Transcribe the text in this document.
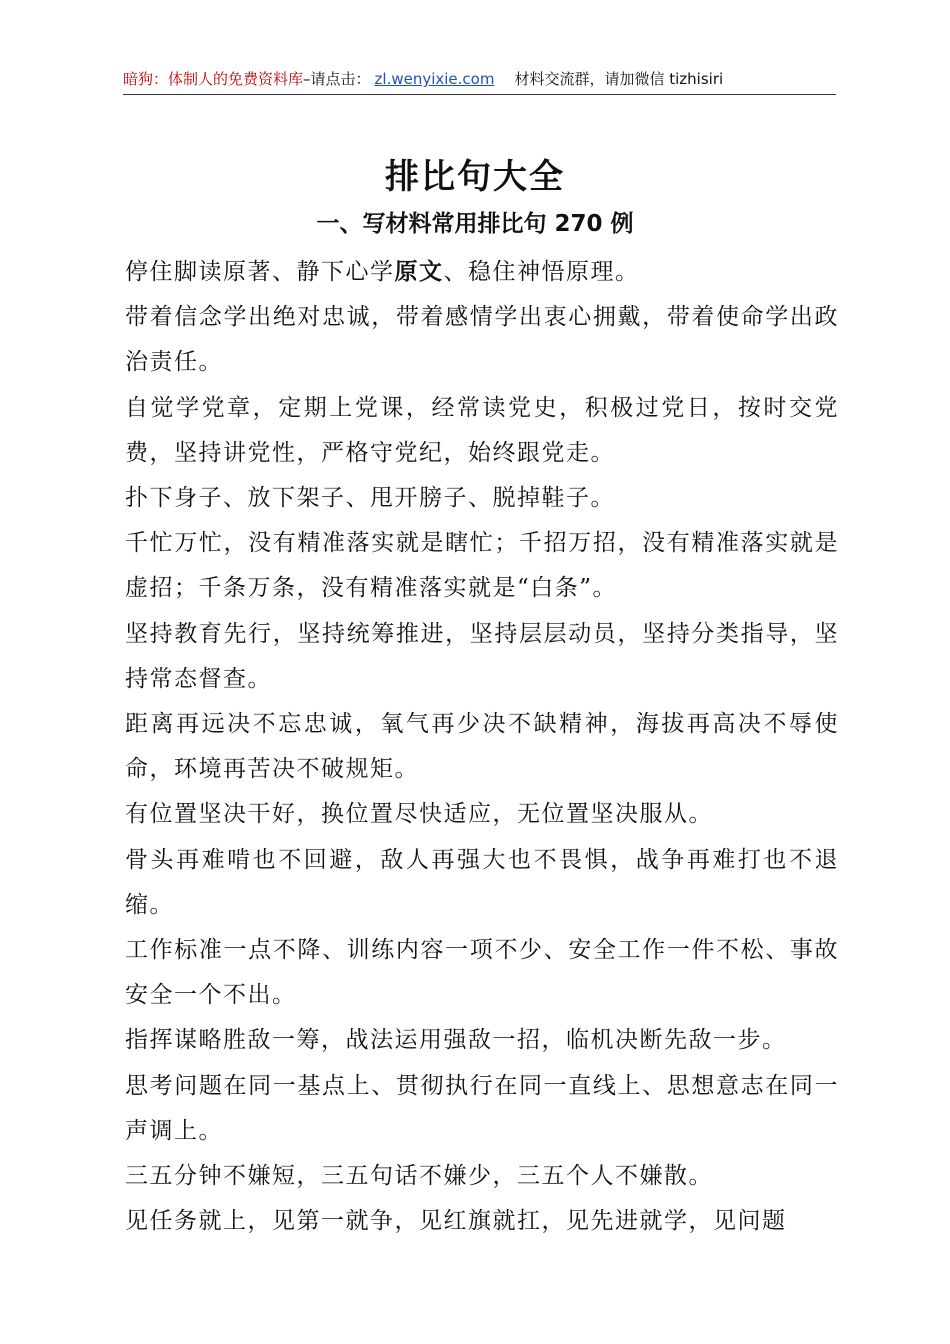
暗狗：体制人的免费资料库 –请点击： zl.wenyixie.com 材料交流群，请加微信 tizhisiri
排比句大全
一、写材料常用排比句 270 例

停住脚读原著、静下心学原文、稳住神悟原理。

带着信念学出绝对忠诚，带着感情学出衷心拥戴，带着使命学出政治责任。

自觉学党章，定期上党课，经常读党史，积极过党日，按时交党费，坚持讲党性，严格守党纪，始终跟党走。

扑下身子、放下架子、甩开膀子、脱掉鞋子。

千忙万忙，没有精准落实就是瞎忙；千招万招，没有精准落实就是虚招；千条万条，没有精准落实就是“白条”。

坚持教育先行，坚持统筹推进，坚持层层动员，坚持分类指导，坚持常态督查。

距离再远决不忘忠诚，氧气再少决不缺精神，海拔再高决不辱使命，环境再苦决不破规矩。

有位置坚决干好，换位置尽快适应，无位置坚决服从。

骨头再难啃也不回避，敌人再强大也不畏惧，战争再难打也不退缩。

工作标准一点不降、训练内容一项不少、安全工作一件不松、事故安全一个不出。

指挥谋略胜敌一筹，战法运用强敌一招，临机决断先敌一步。

思考问题在同一基点上、贯彻执行在同一直线上、思想意志在同一声调上。

三五分钟不嫌短，三五句话不嫌少，三五个人不嫌散。

见任务就上，见第一就争，见红旗就扛，见先进就学，见问题
